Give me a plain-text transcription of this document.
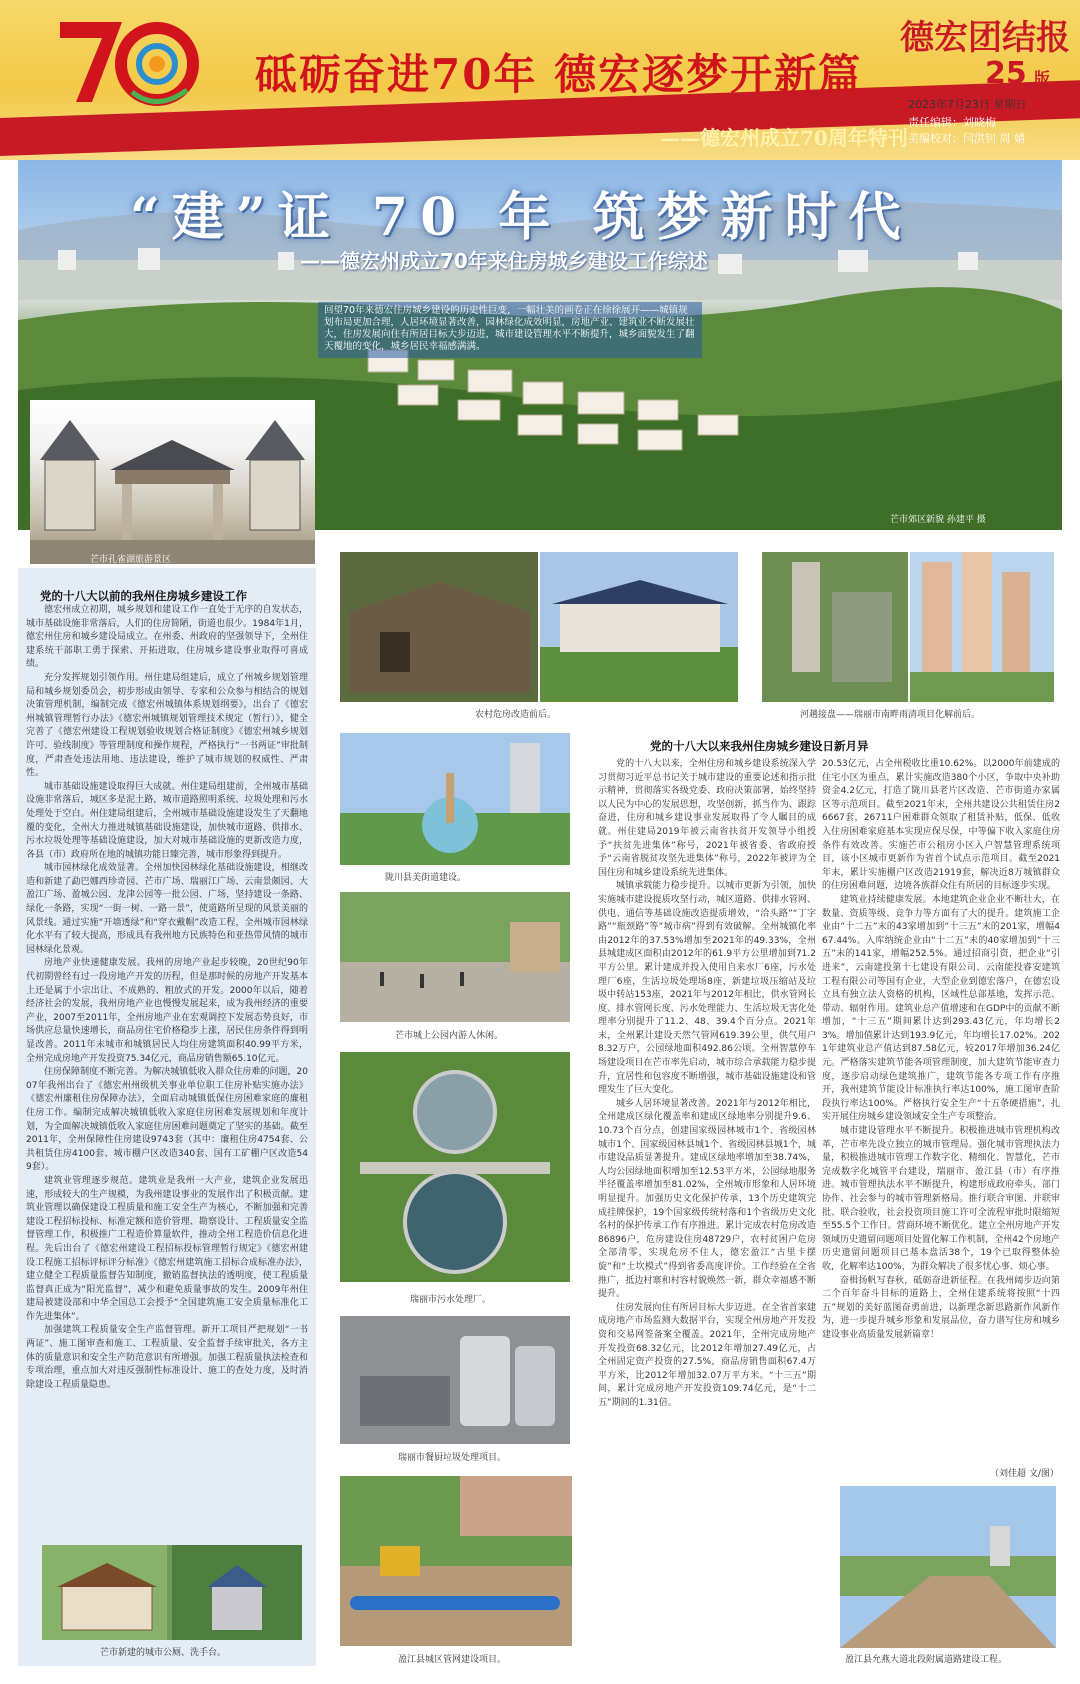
1953-2023
砥砺奋进70年 德宏逐梦开新篇
——德宏州成立70周年特刊
德宏团结报
25 版
2023年7月23日 星期日
责任编辑：刘晓梅
美编校对：闫洪钊 周 婧
“建”证 70 年 筑梦新时代
——德宏州成立70年来住房城乡建设工作综述
回望70年来德宏住房城乡建设的历史性巨变，一幅壮美的画卷正在徐徐展开——城镇规划布局更加合理，人居环境显著改善，园林绿化成效明显，房地产业、建筑业不断发展壮大，住房发展向住有所居目标大步迈进，城市建设管理水平不断提升，城乡面貌发生了翻天覆地的变化，城乡居民幸福感满满。
芒市郊区新貌 孙建平 摄
芒市孔雀湖旅游景区
党的十八大以前的我州住房城乡建设工作

德宏州成立初期，城乡规划和建设工作一直处于无序的自发状态，城市基础设施非常落后，人们的住房简陋，街道也很少。1984年1月，德宏州住房和城乡建设局成立。在州委、州政府的坚强领导下，全州住建系统干部职工勇于探索、开拓进取，住房城乡建设事业取得可喜成绩。

充分发挥规划引领作用。州住建局组建后，成立了州城乡规划管理局和城乡规划委员会，初步形成由领导、专家和公众参与相结合的规划决策管理机制，编制完成《德宏州城镇体系规划纲要》，出台了《德宏州城镇管理暂行办法》《德宏州城镇规划管理技术规定（暂行）》，健全完善了《德宏州建设工程规划验收规划合格证制度》《德宏州城乡规划许可、验线制度》等管理制度和操作规程，严格执行“一书两证”审批制度，严肃查处违法用地、违法建设，维护了城市规划的权威性、严肃性。

城市基础设施建设取得巨大成就。州住建局组建前，全州城市基础设施非常落后，城区多是泥土路，城市道路照明系统、垃圾处理和污水处理处于空白。州住建局组建后，全州城市基础设施建设发生了天翻地覆的变化，全州大力推进城镇基础设施建设，加快城市道路、供排水、污水垃圾处理等基础设施建设，加大对城市基础设施的更新改造力度，各县（市）政府所在地的城镇功能日臻完善，城市形象得到提升。

城市园林绿化成效显著。全州加快园林绿化基础设施建设，相继改造和新建了勐巴娜西珍奇园、芒市广场、瑞丽江广场、云南景颇园、大盈江广场、盈城公园、龙津公园等一批公园、广场，坚持建设一条路、绿化一条路，实现“一街一树、一路一景”，使道路所呈现的风景美丽的风景线。通过实施“开墙透绿”和“穿衣戴帽”改造工程，全州城市园林绿化水平有了较大提高，形成具有我州地方民族特色和亚热带风情的城市园林绿化景观。

房地产业快速健康发展。我州的房地产业起步较晚，20世纪90年代初期曾经有过一段房地产开发的历程，但是那时候的房地产开发基本上还是属于小宗出让、不成熟的、粗放式的开发。2000年以后，随着经济社会的发展，我州房地产业也慢慢发展起来，成为我州经济的重要产业，2007至2011年，全州房地产业在宏观调控下发展态势良好，市场供应总量快速增长，商品房住宅价格稳步上涨，居民住房条件得到明显改善。2011年末城市和城镇居民人均住房建筑面积40.99平方米，全州完成房地产开发投资75.34亿元，商品房销售额65.10亿元。

住房保障制度不断完善。为解决城镇低收入群众住房难的问题，2007年我州出台了《德宏州州级机关事业单位职工住房补贴实施办法》《德宏州廉租住房保障办法》，全面启动城镇低保住房困难家庭的廉租住房工作。编制完成解决城镇低收入家庭住房困难发展规划和年度计划，为全面解决城镇低收入家庭住房困难问题奠定了坚实的基础。截至2011年，全州保障性住房建设9743套（其中：廉租住房4754套、公共租赁住房4100套、城市棚户区改造340套、国有工矿棚户区改造549套）。

建筑业管理逐步规范。建筑业是我州一大产业，建筑企业发展迅速，形成较大的生产规模，为我州建设事业的发展作出了积极贡献。建筑业管理以确保建设工程质量和施工安全生产为核心，不断加强和完善建设工程招标投标、标准定额和造价管理、勘察设计、工程质量安全监督管理工作，积极推广工程造价算量软件，推动全州工程造价信息化进程。先后出台了《德宏州建设工程招标投标管理暂行规定》《德宏州建设工程施工招标评标评分标准》《德宏州建筑施工招标合成标准办法》，建立健全工程质量监督告知制度，撤销监督执法的透明度，使工程质量监督真正成为“阳光监督”，减少和避免质量事故的发生。2009年州住建局被建设部和中华全国总工会授予“全国建筑施工安全质量标准化工作先进集体”。

加强建筑工程质量安全生产监督管理。新开工项目严把规划“一书两证”、施工图审查和施工、工程质量、安全监督手续审批关，各方主体的质量意识和安全生产防范意识有所增强。加强工程质量执法检查和专项治理，重点加大对违反强制性标准设计、施工的查处力度，及时消除建设工程质量隐患。

芒市新建的城市公厕、洗手台。
农村危房改造前后。	河趟接盘——瑞丽市南畔雨清项目化解前后。
党的十八大以来我州住房城乡建设日新月异
陇川县美街道建设。
芒市城上公园内游人休闲。
瑞丽市污水处理厂。
瑞丽市餐厨垃圾处理项目。
盈江县城区管网建设项目。	盈江县允燕大道北段附属道路建设工程。

党的十八大以来，全州住房和城乡建设系统深入学习贯彻习近平总书记关于城市建设的重要论述和指示批示精神，贯彻落实各级党委、政府决策部署，始终坚持以人民为中心的发展思想，攻坚创新，抓当作为、跟踪奋进，住房和城乡建设事业发展取得了令人瞩目的成就。州住建局2019年被云南省扶贫开发领导小组授予“扶贫先进集体”称号，2021年被省委、省政府授予“云南省脱贫攻坚先进集体”称号，2022年被评为全国住房和城乡建设系统先进集体。

城镇承载能力稳步提升。以城市更新为引领，加快实施城市建设提质攻坚行动，城区道路、供排水管网、供电、通信等基础设施改造提质增效，“洽头路”“丁字路”“瓶颈路”等“城市病”得到有效破解。全州城镇化率由2012年的37.53%增加至2021年的49.33%，全州县城建成区面积由2012年的61.9平方公里增加到71.2平方公里。累计建成并投入使用自来水厂6座，污水处理厂6座，生活垃圾处理场8座，新建垃圾压缩站及垃圾中转站153座，2021年与2012年相比，供水管网长度、排水管网长度、污水处理能力、生活垃圾无害化处理率分别提升了11.2、48、39.4个百分点。2021年末，全州累计建设天然气管网619.39公里，供气用户8.32万户，公园绿地面积492.86公顷。全州智慧停车场建设项目在芒市率先启动，城市综合承载能力稳步提升，宜居性和包容度不断增强，城市基础设施建设和管理发生了巨大变化。

城乡人居环境显著改善。2021年与2012年相比，全州建成区绿化覆盖率和建成区绿地率分别提升9.6、10.73个百分点，创建国家级园林城市1个、省级园林城市1个、国家级园林县城1个、省级园林县城1个，城市建设品质显著提升。建成区绿地率增加至38.74%，人均公园绿地面积增加至12.53平方米，公园绿地服务半径覆盖率增加至81.02%，全州城市形象和人居环境明显提升。加强历史文化保护传承，13个历史建筑完成挂牌保护，19个国家级传统村落和1个省级历史文化名村的保护传承工作有序推进。累计完成农村危房改造86896户，危房建设住房48729户，农村贫困户危房全部清零，实现危房不住人，德宏盈江“古里卡摆旋”和“土坎模式”得到省委高度评价。工作经验在全省推广，抵边村寨和村容村貌焕然一新，群众幸福感不断提升。

住房发展向住有所居目标大步迈进。在全省首家建成房地产市场监测大数据平台，实现全州房地产开发投资和交易网签备案全覆盖。2021年，全州完成房地产开发投资68.32亿元，比2012年增加27.49亿元，占全州固定资产投资的27.5%，商品房销售面积67.4万平方米，比2012年增加32.07万平方米。“十三五”期间，累计完成房地产开发投资109.74亿元，是“十二五”期间的1.31倍。

20.53亿元，占全州税收比重10.62%。以2000年前建成的住宅小区为重点，累计实施改造380个小区，争取中央补助资金4.2亿元，打造了陇川县老片区改造、芒市街道办家属区等示范项目。截至2021年末，全州共建设公共租赁住房26667套，26711户困难群众领取了租赁补贴，低保、低收入住房困难家庭基本实现应保尽保，中等偏下收入家庭住房条件有效改善。实施芒市公租房小区入户智慧管理系统项目，该小区城市更新作为省首个试点示范项目。截至2021年末，累计实施棚户区改造21919套，解决近8万城镇群众的住房困难问题，边境各族群众住有所居的目标逐步实现。

建筑业持续健康发展。本地建筑企业企业不断壮大，在数量、资质等级、竞争力等方面有了大的提升。建筑施工企业由“十二五”末的43家增加到“十三五”末的201家，增幅467.44%。入库纳统企业由“十二五”末的40家增加到“十三五”末的141家，增幅252.5%。通过招商引资，把企业“引进来”，云南建投第十七建设有限公司、云南能投睿安建筑工程有限公司等国有企业，大型企业到德宏落户，在德宏设立具有独立法人资格的机构，区域性总部基地，发挥示范、带动、辐射作用。建筑业总产值增速和在GDP中的贡献不断增加，“十三五”期间累计达到293.43亿元，年均增长23%。增加值累计达到193.9亿元，年均增长17.02%。2021年建筑业总产值达到87.58亿元，较2017年增加36.24亿元。严格落实建筑节能各项管理制度，加大建筑节能审查力度，逐步启动绿色建筑推广，建筑节能各专项工作有序推开，我州建筑节能设计标准执行率达100%，施工图审查阶段执行率达100%。严格执行安全生产“十五条硬措施”，扎实开展住房城乡建设领域安全生产专项整治。

城市建设管理水平不断提升。积极推进城市管理机构改革，芒市率先设立独立的城市管理局。强化城市管理执法力量，积极推进城市管理工作数字化、精细化、智慧化，芒市完成数字化城管平台建设，瑞丽市、盈江县（市）有序推进。城市管理执法水平不断提升，构建形成政府牵头、部门协作、社会参与的城市管理新格局。推行联合审图、并联审批、联合验收，社会投资项目施工许可全流程审批时限缩短至55.5个工作日。营商环境不断优化。建立全州房地产开发领域历史遗留问题项目处置化解工作机制，全州42个房地产历史遗留问题项目已基本盘活38个，19个已取得整体验收，化解率达100%，为群众解决了很多忧心事、烦心事。

奋楫扬帆写春秋，砥砺奋进新征程。在我州阔步迈向第二个百年奋斗目标的道路上，全州住建系统将按照“十四五”规划的美好蓝图奋勇前进，以新理念新思路新作风新作为，进一步提升城乡形象和发展品位，奋力谱写住房和城乡建设事业高质量发展新篇章！

（刘佳超 文/图）
